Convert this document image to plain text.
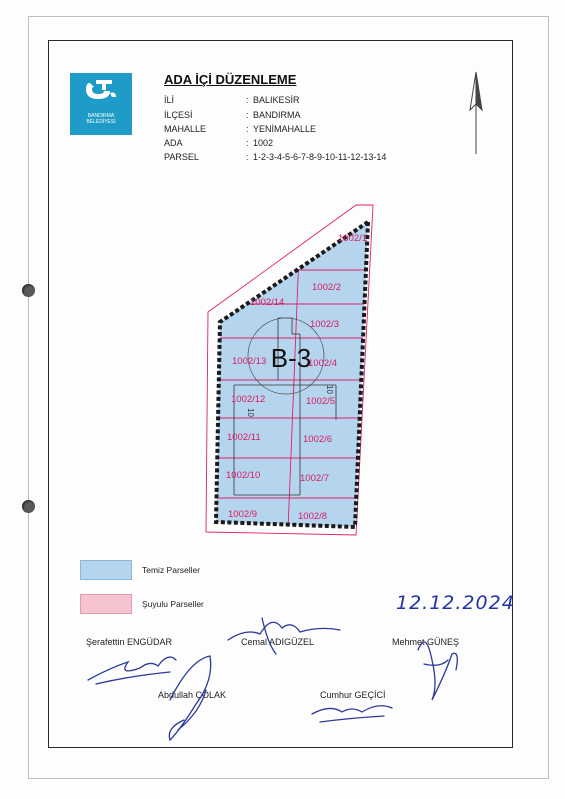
BANDIRMA
BELEDİYESİ
ADA İÇİ DÜZENLEME
İLİ	: BALIKESİR
İLÇESİ	: BANDIRMA
MAHALLE	: YENİMAHALLE
ADA	: 1002
PARSEL	: 1-2-3-4-5-6-7-8-9-10-11-12-13-14
B-3
10
10
1002/1
1002/2
1002/3
1002/4
1002/5
1002/6
1002/7
1002/8
1002/9
1002/10
1002/11
1002/12
1002/13
1002/14
Temiz Parseller
Şuyulu Parseller	12.12.2024
Şerafettin ENGÜDAR	Cemal ADIGÜZEL	Mehmet GÜNEŞ
Abdullah ÇOLAK	Cumhur GEÇİCİ
